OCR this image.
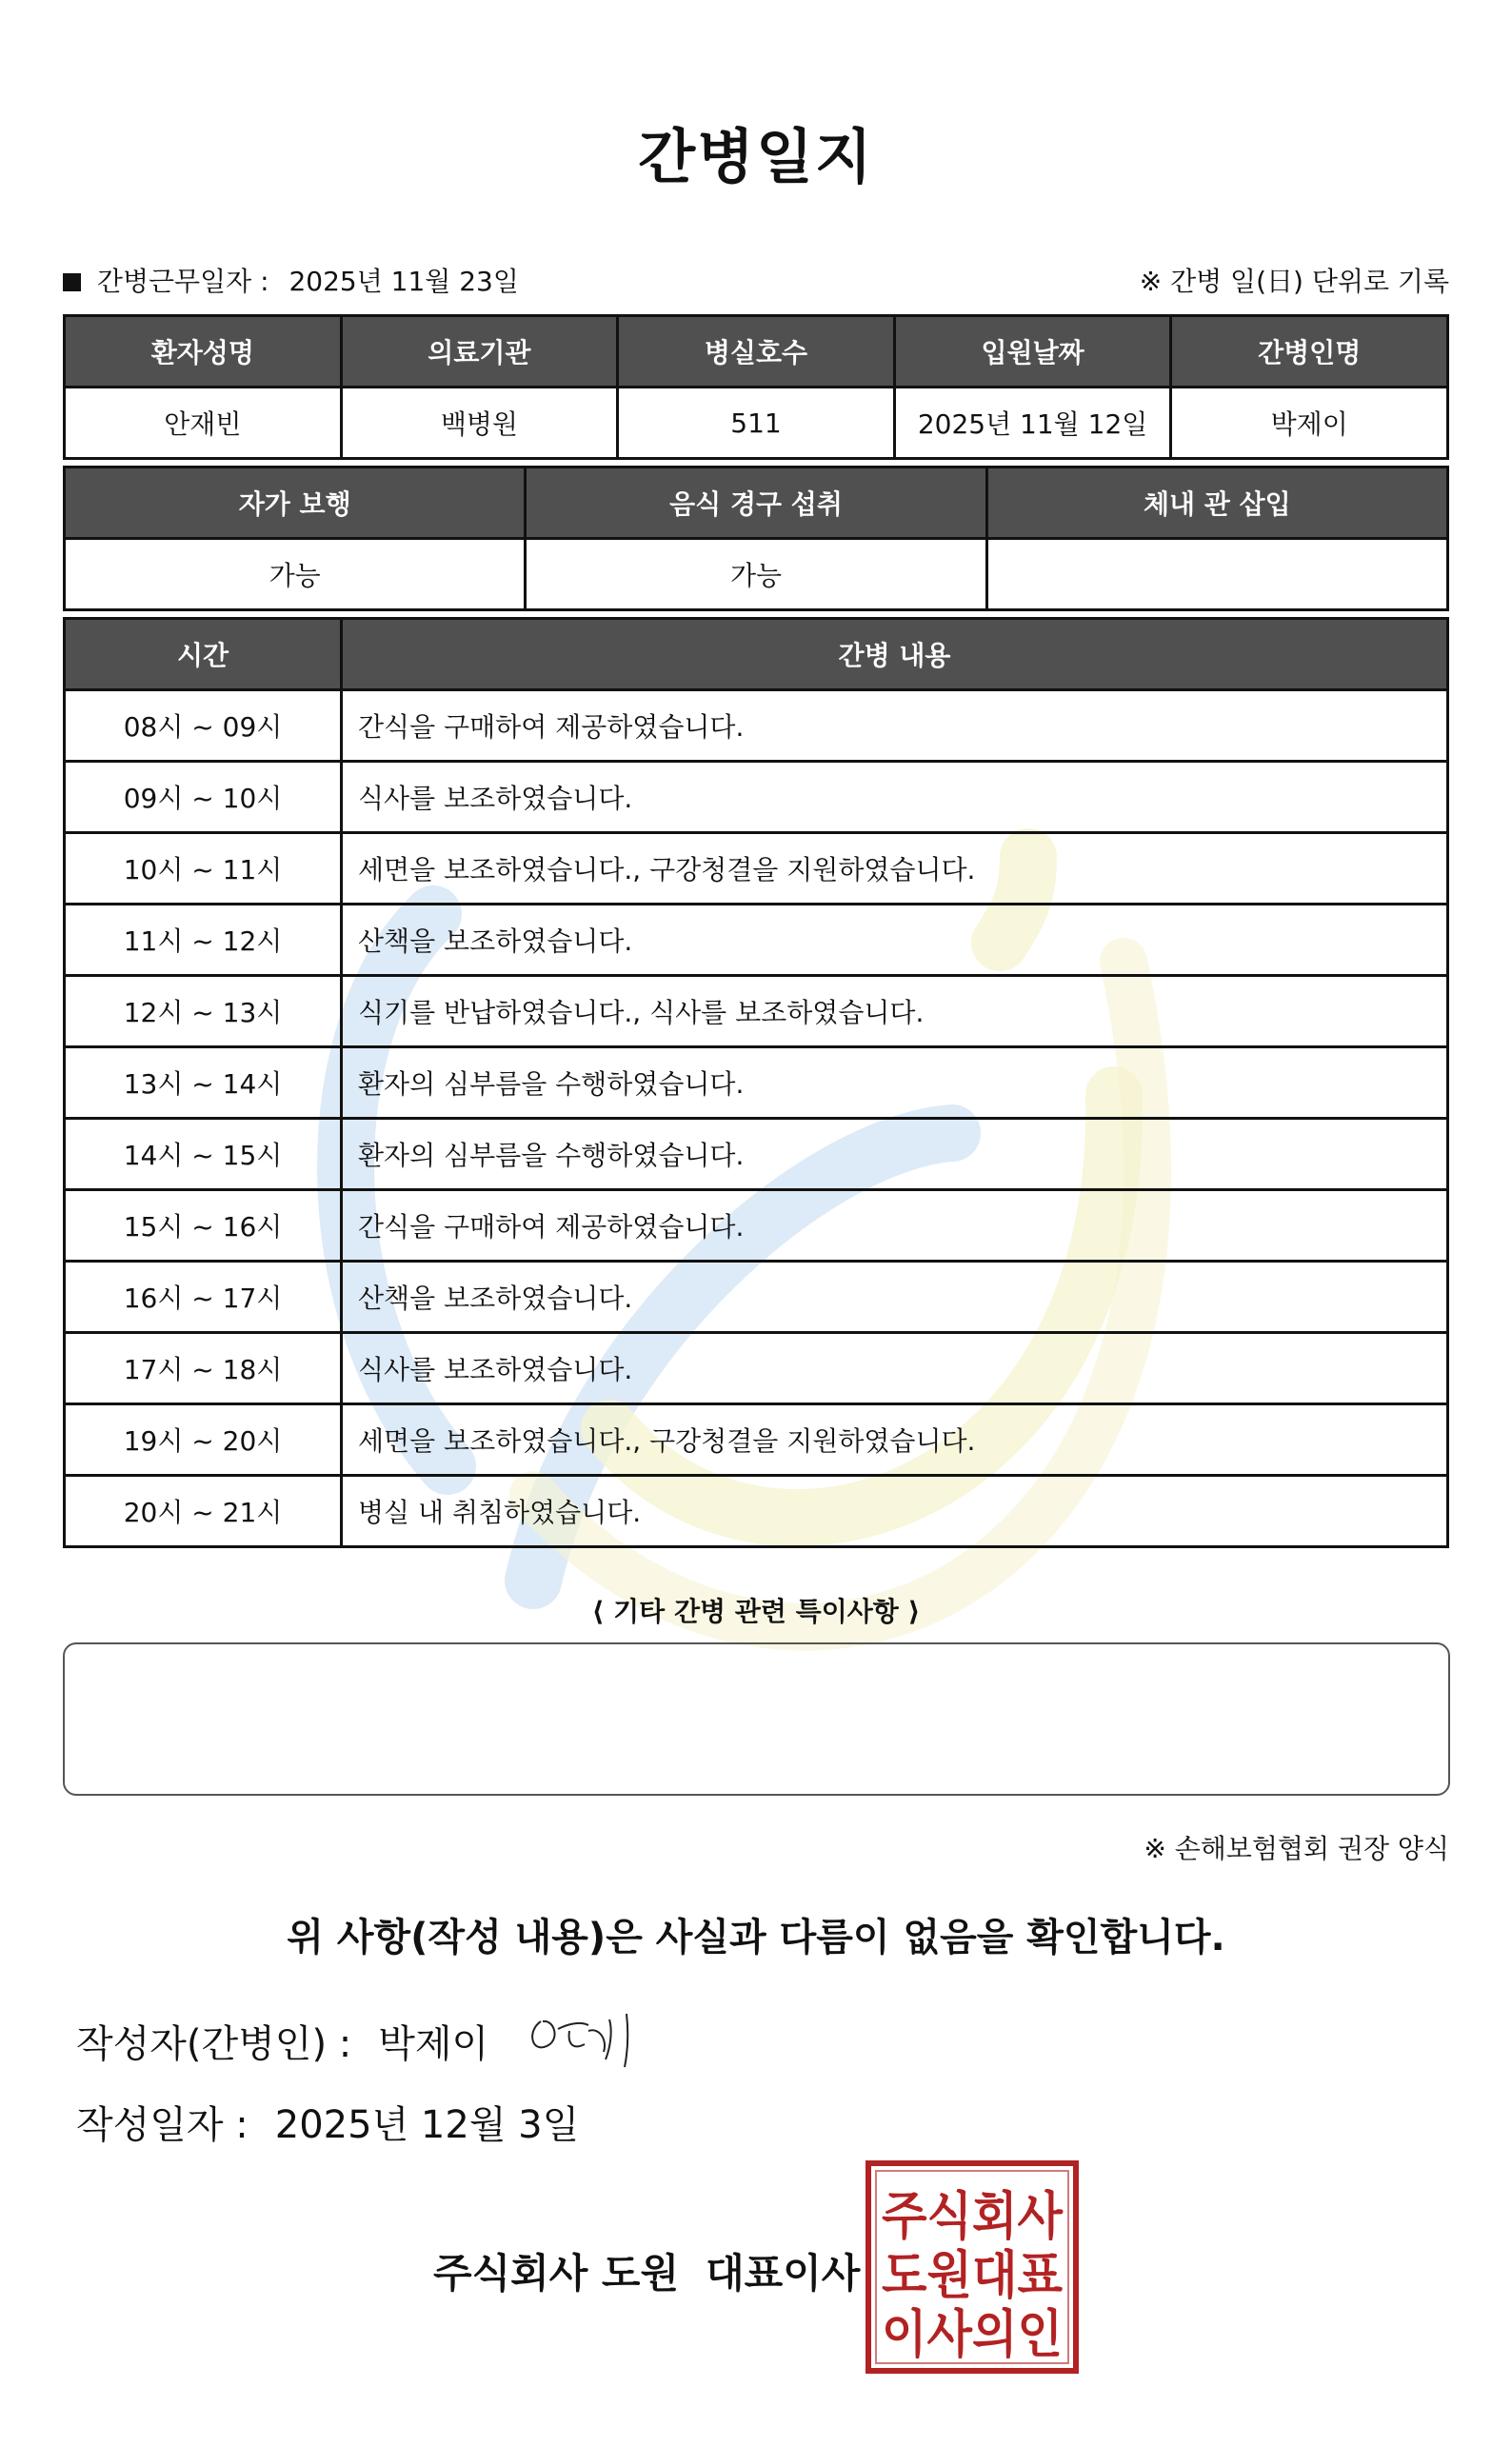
간병일지
간병근무일자 : 2025년 11월 23일	※ 간병 일(日) 단위로 기록
환자성명	의료기관	병실호수	입원날짜	간병인명
안재빈	백병원	511	2025년 11월 12일	박제이
자가 보행	음식 경구 섭취	체내 관 삽입
가능	가능	
시간	간병 내용
08시 ~ 09시	간식을 구매하여 제공하였습니다.
09시 ~ 10시	식사를 보조하였습니다.
10시 ~ 11시	세면을 보조하였습니다., 구강청결을 지원하였습니다.
11시 ~ 12시	산책을 보조하였습니다.
12시 ~ 13시	식기를 반납하였습니다., 식사를 보조하였습니다.
13시 ~ 14시	환자의 심부름을 수행하였습니다.
14시 ~ 15시	환자의 심부름을 수행하였습니다.
15시 ~ 16시	간식을 구매하여 제공하였습니다.
16시 ~ 17시	산책을 보조하였습니다.
17시 ~ 18시	식사를 보조하였습니다.
19시 ~ 20시	세면을 보조하였습니다., 구강청결을 지원하였습니다.
20시 ~ 21시	병실 내 취침하였습니다.
⟨ 기타 간병 관련 특이사항 ⟩
※ 손해보험협회 권장 양식
위 사항(작성 내용)은 사실과 다름이 없음을 확인합니다.
작성자(간병인) : 박제이
작성일자 : 2025년 12월 3일
주식회사 도원 대표이사
주식회사
도원대표
이사의인
